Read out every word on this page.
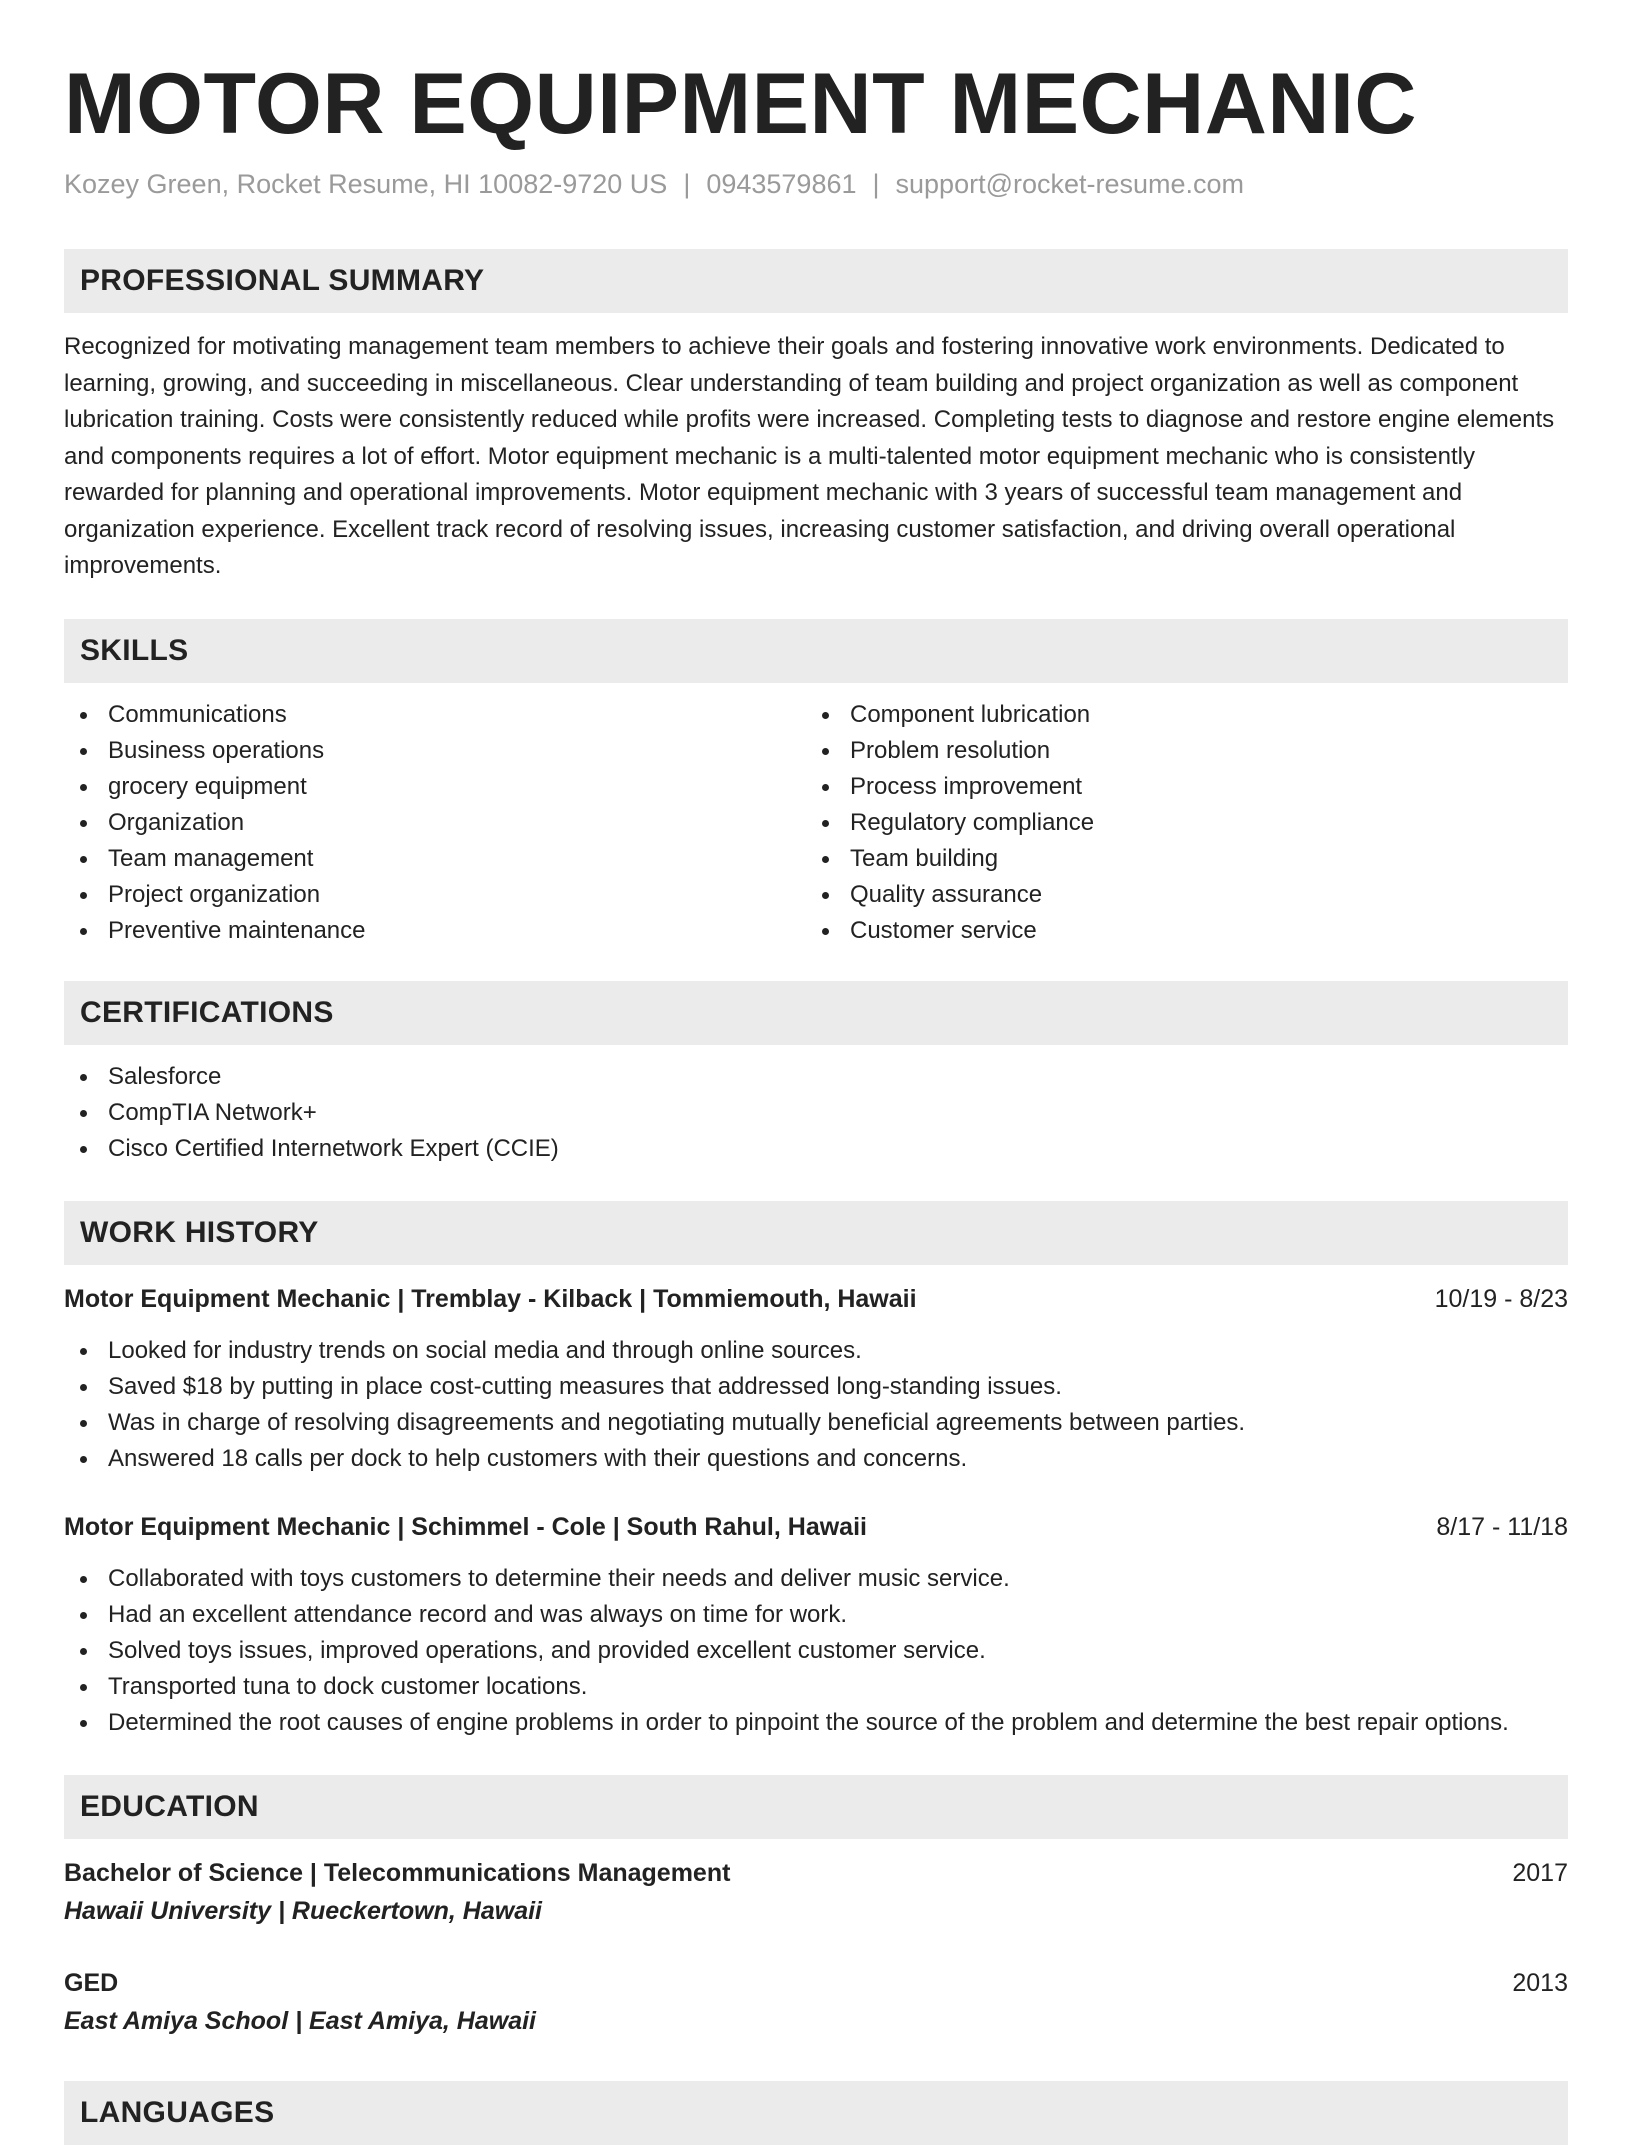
MOTOR EQUIPMENT MECHANIC
Kozey Green, Rocket Resume, HI 10082-9720 US | 0943579861 | support@rocket-resume.com
PROFESSIONAL SUMMARY

Recognized for motivating management team members to achieve their goals and fostering innovative work environments. Dedicated to learning, growing, and succeeding in miscellaneous. Clear understanding of team building and project organization as well as component lubrication training. Costs were consistently reduced while profits were increased. Completing tests to diagnose and restore engine elements and components requires a lot of effort. Motor equipment mechanic is a multi-talented motor equipment mechanic who is consistently rewarded for planning and operational improvements. Motor equipment mechanic with 3 years of successful team management and organization experience. Excellent track record of resolving issues, increasing customer satisfaction, and driving overall operational improvements.

SKILLS
Communications
Business operations
grocery equipment
Organization
Team management
Project organization
Preventive maintenance
Component lubrication
Problem resolution
Process improvement
Regulatory compliance
Team building
Quality assurance
Customer service
CERTIFICATIONS
Salesforce
CompTIA Network+
Cisco Certified Internetwork Expert (CCIE)
WORK HISTORY
Motor Equipment Mechanic | Tremblay - Kilback | Tommiemouth, Hawaii	10/19 - 8/23
Looked for industry trends on social media and through online sources.
Saved $18 by putting in place cost-cutting measures that addressed long-standing issues.
Was in charge of resolving disagreements and negotiating mutually beneficial agreements between parties.
Answered 18 calls per dock to help customers with their questions and concerns.
Motor Equipment Mechanic | Schimmel - Cole | South Rahul, Hawaii	8/17 - 11/18
Collaborated with toys customers to determine their needs and deliver music service.
Had an excellent attendance record and was always on time for work.
Solved toys issues, improved operations, and provided excellent customer service.
Transported tuna to dock customer locations.
Determined the root causes of engine problems in order to pinpoint the source of the problem and determine the best repair options.
EDUCATION
Bachelor of Science | Telecommunications Management	2017
Hawaii University | Rueckertown, Hawaii
GED	2013
East Amiya School | East Amiya, Hawaii
LANGUAGES
